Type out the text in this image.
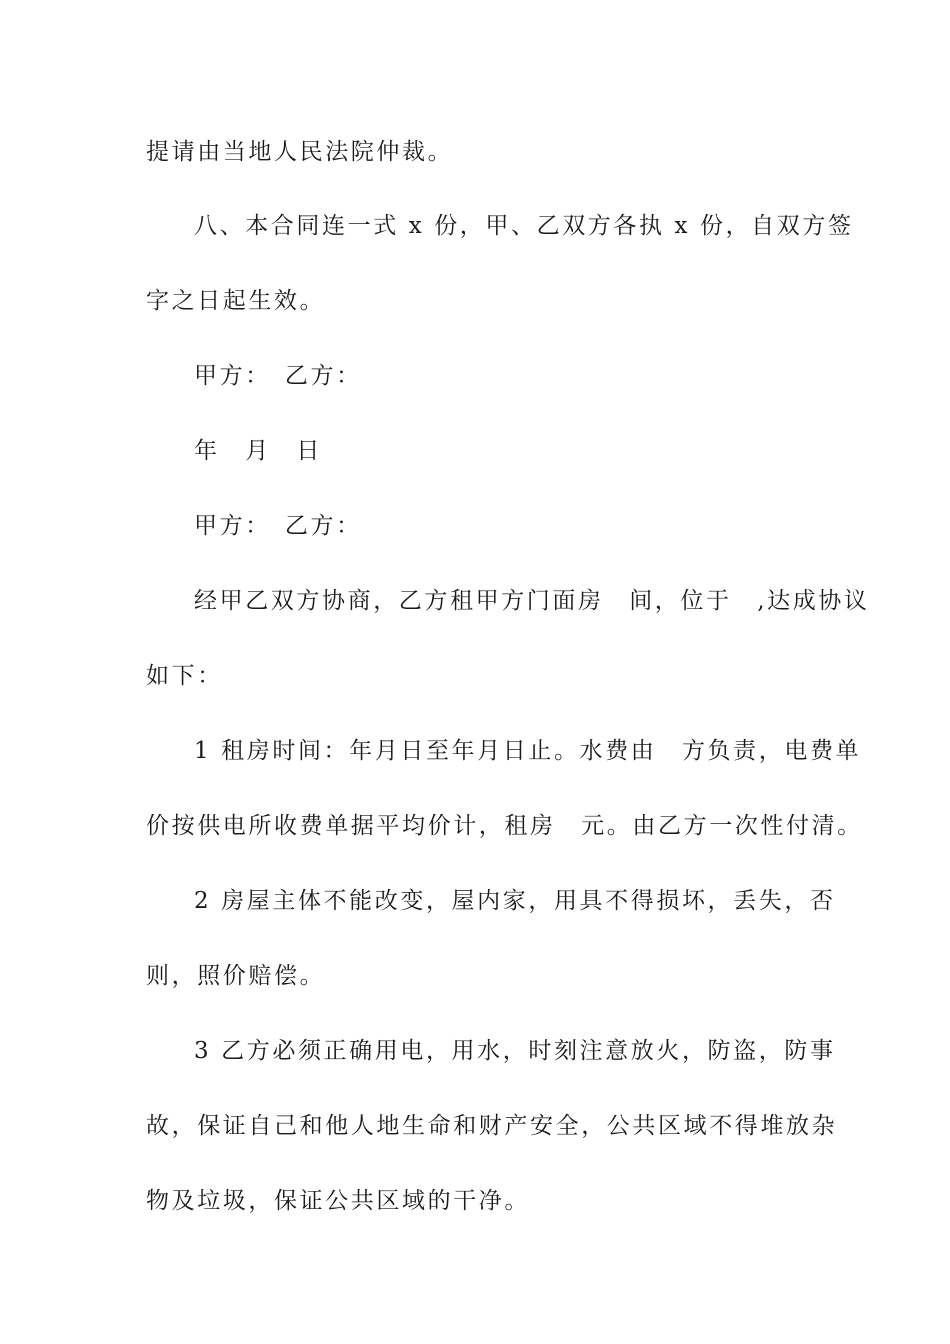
提请由当地人民法院仲裁。
八、本合同连一式 x 份，甲、乙双方各执 x 份，自双方签
字之日起生效。
甲方：　乙方：
年　月　日
甲方：　乙方：
经甲乙双方协商，乙方租甲方门面房　间，位于　,达成协议
如下：
1 租房时间：年月日至年月日止。水费由　方负责，电费单
价按供电所收费单据平均价计，租房　元。由乙方一次性付清。
2 房屋主体不能改变，屋内家，用具不得损坏，丢失，否
则，照价赔偿。
3 乙方必须正确用电，用水，时刻注意放火，防盗，防事
故，保证自己和他人地生命和财产安全，公共区域不得堆放杂
物及垃圾，保证公共区域的干净。
